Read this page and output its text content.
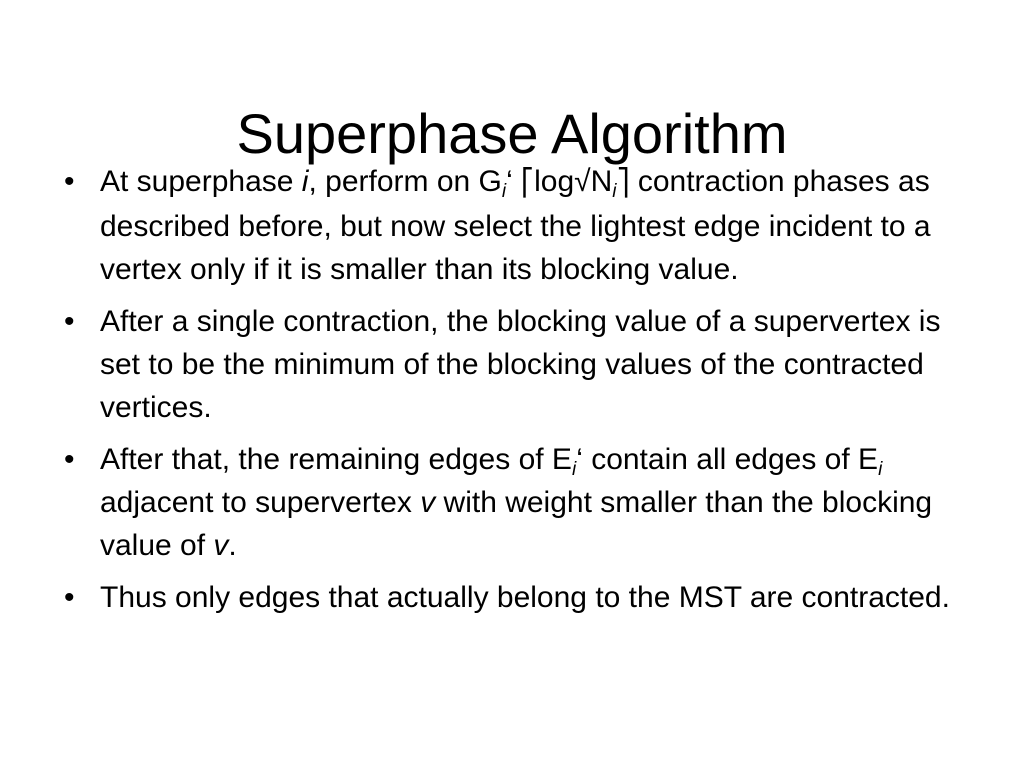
Superphase Algorithm
• At superphase i, perform on $G_i‘$ $⎡\log√N_i⎤$ contraction phases as described before, but now select the lightest edge incident to a vertex only if it is smaller than its blocking value.
• After a single contraction, the blocking value of a supervertex is set to be the minimum of the blocking values of the contracted vertices.
• After that, the remaining edges of $E_i‘$ contain all edges of $E_i$ adjacent to supervertex v with weight smaller than the blocking value of v.
• Thus only edges that actually belong to the MST are contracted.
